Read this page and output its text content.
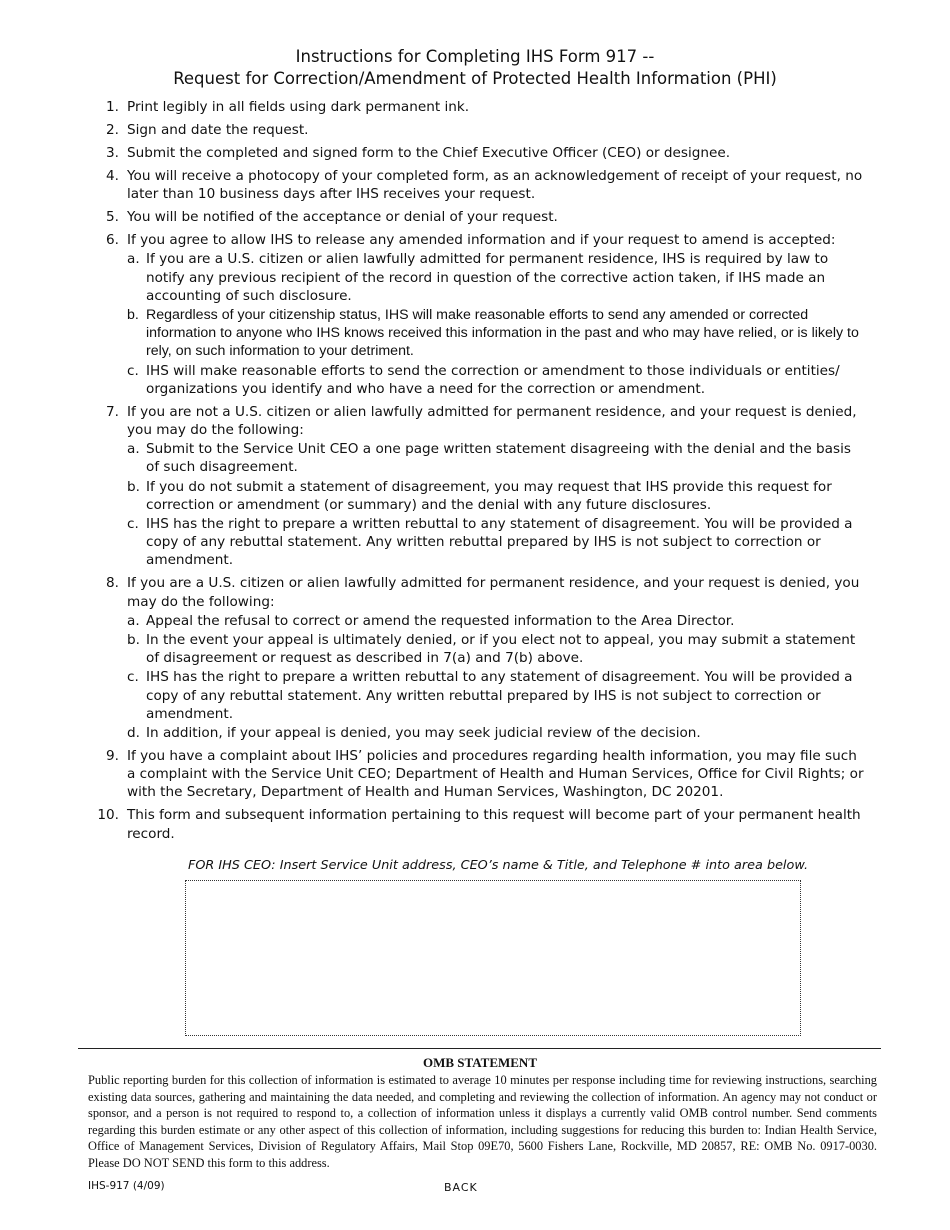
Instructions for Completing IHS Form 917 --
Request for Correction/Amendment of Protected Health Information (PHI)
1. Print legibly in all fields using dark permanent ink.
2. Sign and date the request.
3. Submit the completed and signed form to the Chief Executive Officer (CEO) or designee.
4. You will receive a photocopy of your completed form, as an acknowledgement of receipt of your request, no later than 10 business days after IHS receives your request.
5. You will be notified of the acceptance or denial of your request.
6. If you agree to allow IHS to release any amended information and if your request to amend is accepted:
a. If you are a U.S. citizen or alien lawfully admitted for permanent residence, IHS is required by law to notify any previous recipient of the record in question of the corrective action taken, if IHS made an accounting of such disclosure.
b. Regardless of your citizenship status, IHS will make reasonable efforts to send any amended or corrected information to anyone who IHS knows received this information in the past and who may have relied, or is likely to rely, on such information to your detriment.
c. IHS will make reasonable efforts to send the correction or amendment to those individuals or entities/ organizations you identify and who have a need for the correction or amendment.
7. If you are not a U.S. citizen or alien lawfully admitted for permanent residence, and your request is denied, you may do the following:
a. Submit to the Service Unit CEO a one page written statement disagreeing with the denial and the basis of such disagreement.
b. If you do not submit a statement of disagreement, you may request that IHS provide this request for correction or amendment (or summary) and the denial with any future disclosures.
c. IHS has the right to prepare a written rebuttal to any statement of disagreement. You will be provided a copy of any rebuttal statement. Any written rebuttal prepared by IHS is not subject to correction or amendment.
8. If you are a U.S. citizen or alien lawfully admitted for permanent residence, and your request is denied, you may do the following:
a. Appeal the refusal to correct or amend the requested information to the Area Director.
b. In the event your appeal is ultimately denied, or if you elect not to appeal, you may submit a statement of disagreement or request as described in 7(a) and 7(b) above.
c. IHS has the right to prepare a written rebuttal to any statement of disagreement. You will be provided a copy of any rebuttal statement. Any written rebuttal prepared by IHS is not subject to correction or amendment.
d. In addition, if your appeal is denied, you may seek judicial review of the decision.
9. If you have a complaint about IHS’ policies and procedures regarding health information, you may file such a complaint with the Service Unit CEO; Department of Health and Human Services, Office for Civil Rights; or with the Secretary, Department of Health and Human Services, Washington, DC 20201.
10. This form and subsequent information pertaining to this request will become part of your permanent health record.
FOR IHS CEO: Insert Service Unit address, CEO’s name & Title, and Telephone # into area below.
OMB STATEMENT
Public reporting burden for this collection of information is estimated to average 10 minutes per response including time for reviewing instructions, searching existing data sources, gathering and maintaining the data needed, and completing and reviewing the collection of information. An agency may not conduct or sponsor, and a person is not required to respond to, a collection of information unless it displays a currently valid OMB control number. Send comments regarding this burden estimate or any other aspect of this collection of information, including suggestions for reducing this burden to: Indian Health Service, Office of Management Services, Division of Regulatory Affairs, Mail Stop 09E70, 5600 Fishers Lane, Rockville, MD 20857, RE: OMB No. 0917-0030. Please DO NOT SEND this form to this address.
IHS-917 (4/09)	BACK
